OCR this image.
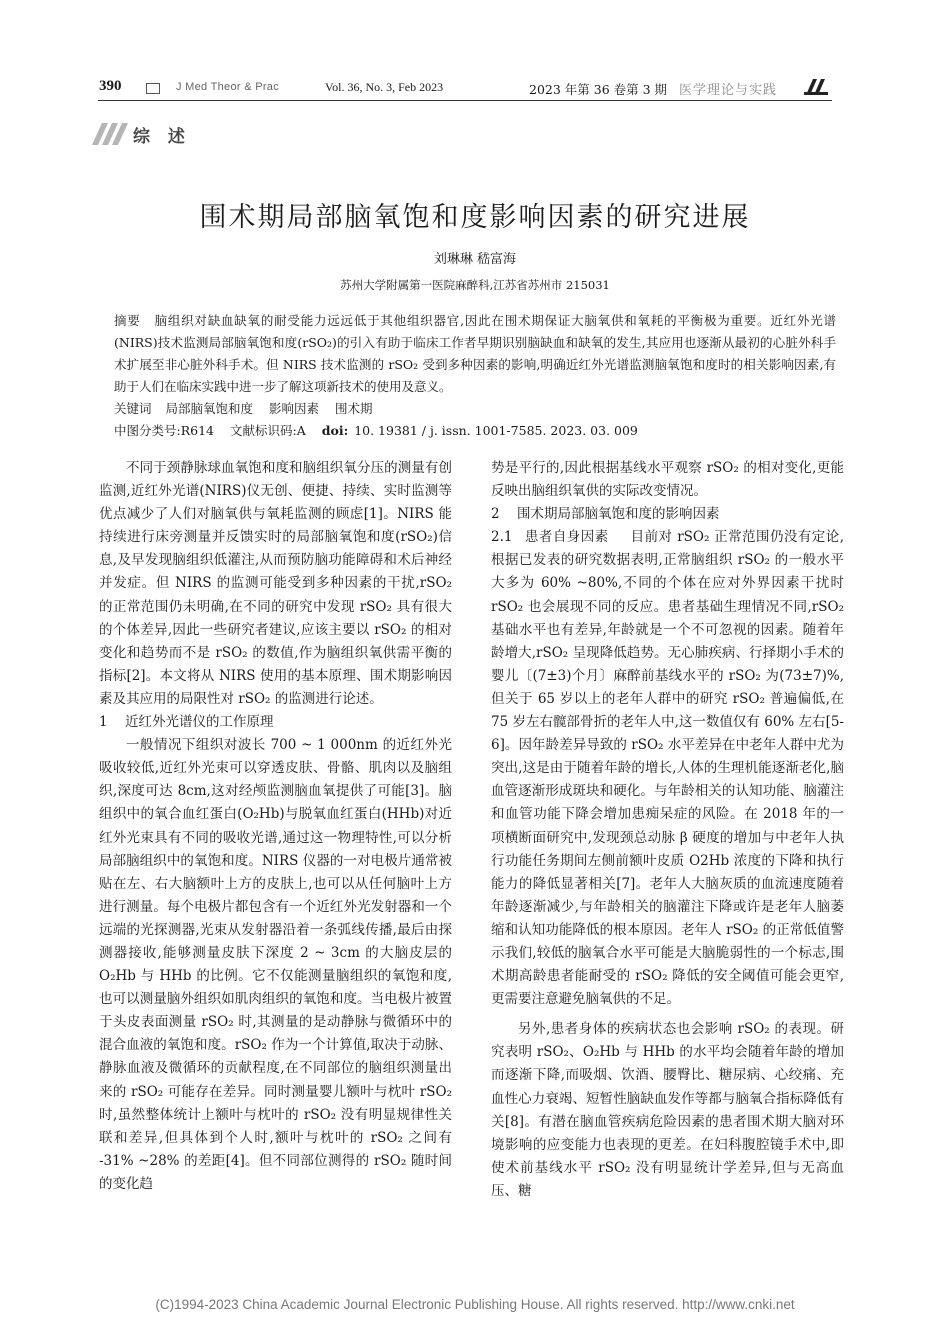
390	J Med Theor & Prac	Vol. 36, No. 3, Feb 2023	2023 年第 36 卷第 3 期 医学理论与实践
综 述
围术期局部脑氧饱和度影响因素的研究进展
刘琳琳 嵇富海
苏州大学附属第一医院麻醉科,江苏省苏州市 215031

摘要 脑组织对缺血缺氧的耐受能力远远低于其他组织器官,因此在围术期保证大脑氧供和氧耗的平衡极为重要。近红外光谱(NIRS)技术监测局部脑氧饱和度(rSO₂)的引入有助于临床工作者早期识别脑缺血和缺氧的发生,其应用也逐渐从最初的心脏外科手术扩展至非心脏外科手术。但 NIRS 技术监测的 rSO₂ 受到多种因素的影响,明确近红外光谱监测脑氧饱和度时的相关影响因素,有助于人们在临床实践中进一步了解这项新技术的使用及意义。

关键词 局部脑氧饱和度 影响因素 围术期

中图分类号:R614 文献标识码:A doi: 10. 19381 / j. issn. 1001-7585. 2023. 03. 009

不同于颈静脉球血氧饱和度和脑组织氧分压的测量有创监测,近红外光谱(NIRS)仪无创、便捷、持续、实时监测等优点减少了人们对脑氧供与氧耗监测的顾虑[1]。NIRS 能持续进行床旁测量并反馈实时的局部脑氧饱和度(rSO₂)信息,及早发现脑组织低灌注,从而预防脑功能障碍和术后神经并发症。但 NIRS 的监测可能受到多种因素的干扰,rSO₂ 的正常范围仍未明确,在不同的研究中发现 rSO₂ 具有很大的个体差异,因此一些研究者建议,应该主要以 rSO₂ 的相对变化和趋势而不是 rSO₂ 的数值,作为脑组织氧供需平衡的指标[2]。本文将从 NIRS 使用的基本原理、围术期影响因素及其应用的局限性对 rSO₂ 的监测进行论述。

1 近红外光谱仪的工作原理

一般情况下组织对波长 700 ~ 1 000nm 的近红外光吸收较低,近红外光束可以穿透皮肤、骨骼、肌肉以及脑组织,深度可达 8cm,这对经颅监测脑血氧提供了可能[3]。脑组织中的氧合血红蛋白(O₂Hb)与脱氧血红蛋白(HHb)对近红外光束具有不同的吸收光谱,通过这一物理特性,可以分析局部脑组织中的氧饱和度。NIRS 仪器的一对电极片通常被贴在左、右大脑额叶上方的皮肤上,也可以从任何脑叶上方进行测量。每个电极片都包含有一个近红外光发射器和一个远端的光探测器,光束从发射器沿着一条弧线传播,最后由探测器接收,能够测量皮肤下深度 2 ~ 3cm 的大脑皮层的 O₂Hb 与 HHb 的比例。它不仅能测量脑组织的氧饱和度,也可以测量脑外组织如肌肉组织的氧饱和度。当电极片被置于头皮表面测量 rSO₂ 时,其测量的是动静脉与微循环中的混合血液的氧饱和度。rSO₂ 作为一个计算值,取决于动脉、静脉血液及微循环的贡献程度,在不同部位的脑组织测量出来的 rSO₂ 可能存在差异。同时测量婴儿额叶与枕叶 rSO₂ 时,虽然整体统计上额叶与枕叶的 rSO₂ 没有明显规律性关联和差异,但具体到个人时,额叶与枕叶的 rSO₂ 之间有 -31% ~28% 的差距[4]。但不同部位测得的 rSO₂ 随时间的变化趋

势是平行的,因此根据基线水平观察 rSO₂ 的相对变化,更能反映出脑组织氧供的实际改变情况。

2 围术期局部脑氧饱和度的影响因素

2.1 患者自身因素 目前对 rSO₂ 正常范围仍没有定论,根据已发表的研究数据表明,正常脑组织 rSO₂ 的一般水平大多为 60% ~80%,不同的个体在应对外界因素干扰时 rSO₂ 也会展现不同的反应。患者基础生理情况不同,rSO₂ 基础水平也有差异,年龄就是一个不可忽视的因素。随着年龄增大,rSO₂ 呈现降低趋势。无心肺疾病、行择期小手术的婴儿〔(7±3)个月〕麻醉前基线水平的 rSO₂ 为(73±7)%,但关于 65 岁以上的老年人群中的研究 rSO₂ 普遍偏低,在 75 岁左右髋部骨折的老年人中,这一数值仅有 60% 左右[5-6]。因年龄差异导致的 rSO₂ 水平差异在中老年人群中尤为突出,这是由于随着年龄的增长,人体的生理机能逐渐老化,脑血管逐渐形成斑块和硬化。与年龄相关的认知功能、脑灌注和血管功能下降会增加患痴呆症的风险。在 2018 年的一项横断面研究中,发现颈总动脉 β 硬度的增加与中老年人执行功能任务期间左侧前额叶皮质 O2Hb 浓度的下降和执行能力的降低显著相关[7]。老年人大脑灰质的血流速度随着年龄逐渐减少,与年龄相关的脑灌注下降或许是老年人脑萎缩和认知功能降低的根本原因。老年人 rSO₂ 的正常低值警示我们,较低的脑氧合水平可能是大脑脆弱性的一个标志,围术期高龄患者能耐受的 rSO₂ 降低的安全阈值可能会更窄,更需要注意避免脑氧供的不足。

另外,患者身体的疾病状态也会影响 rSO₂ 的表现。研究表明 rSO₂、O₂Hb 与 HHb 的水平均会随着年龄的增加而逐渐下降,而吸烟、饮酒、腰臀比、糖尿病、心绞痛、充血性心力衰竭、短暂性脑缺血发作等都与脑氧合指标降低有关[8]。有潜在脑血管疾病危险因素的患者围术期大脑对环境影响的应变能力也表现的更差。在妇科腹腔镜手术中,即使术前基线水平 rSO₂ 没有明显统计学差异,但与无高血压、糖

(C)1994-2023 China Academic Journal Electronic Publishing House. All rights reserved. http://www.cnki.net
